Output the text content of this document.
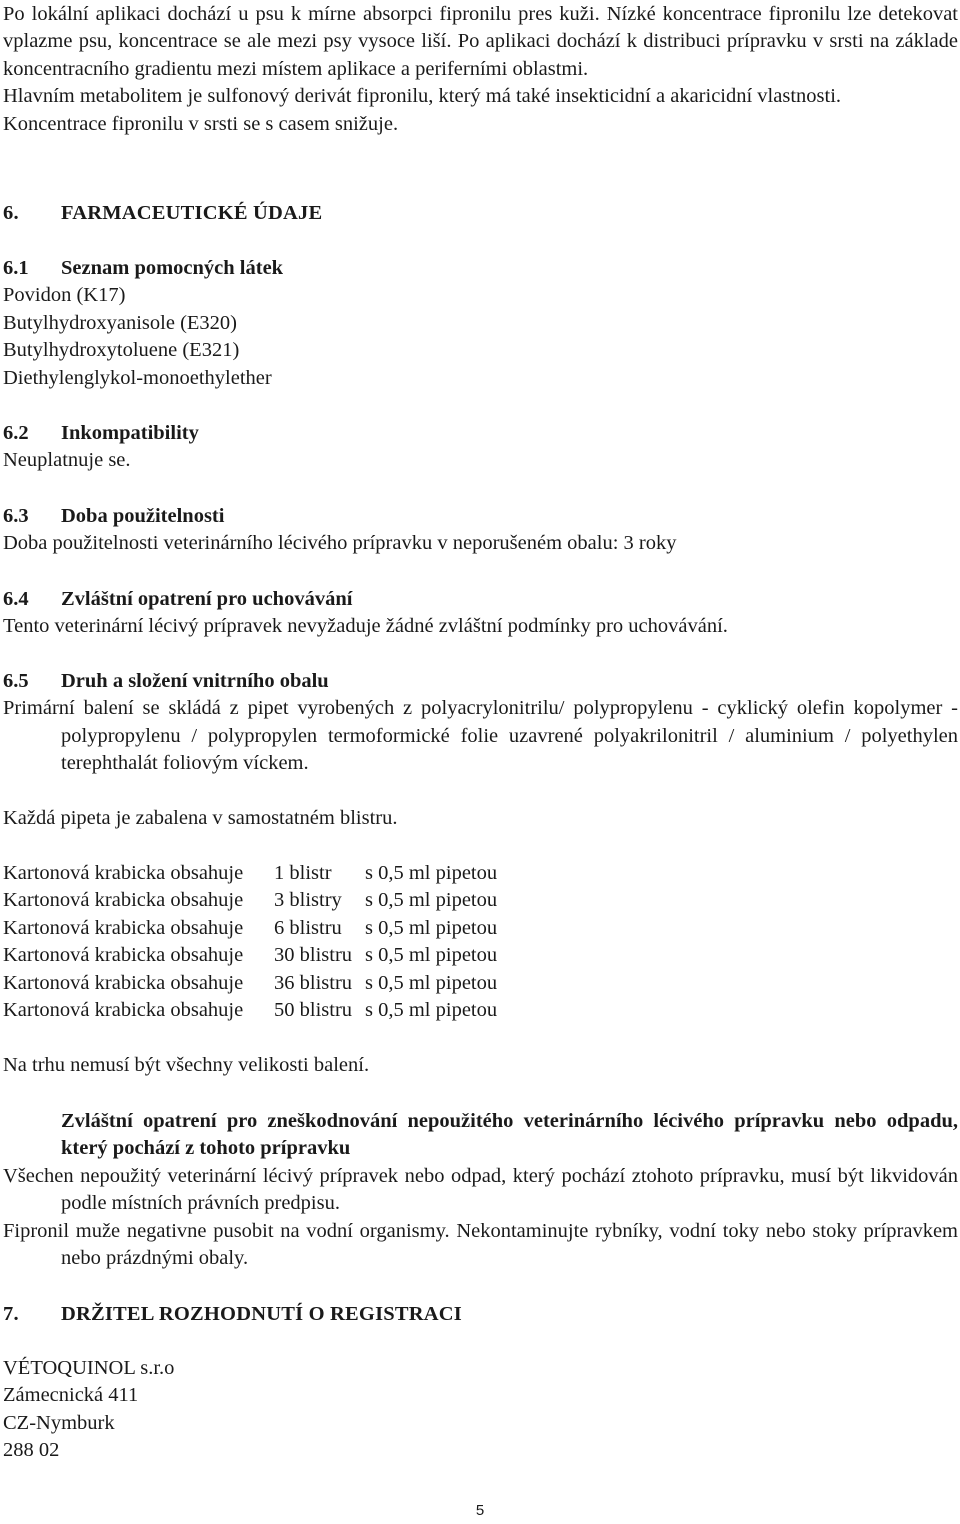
Po lokální aplikaci dochází u psu k mírne absorpci fipronilu pres kuži. Nízké koncentrace fipronilu lze detekovat vplazme psu, koncentrace se ale mezi psy vysoce liší. Po aplikaci dochází k distribuci prípravku v srsti na základe koncentracního gradientu mezi místem aplikace a periferními oblastmi.

Hlavním metabolitem je sulfonový derivát fipronilu, který má také insekticidní a akaricidní vlastnosti.

Koncentrace fipronilu v srsti se s casem snižuje.

6. FARMACEUTICKÉ ÚDAJE

6.1 Seznam pomocných látek

Povidon (K17)

Butylhydroxyanisole (E320)

Butylhydroxytoluene (E321)

Diethylenglykol-monoethylether

6.2 Inkompatibility

Neuplatnuje se.

6.3 Doba použitelnosti

Doba použitelnosti veterinárního lécivého prípravku v neporušeném obalu: 3 roky

6.4 Zvláštní opatrení pro uchovávání

Tento veterinární lécivý prípravek nevyžaduje žádné zvláštní podmínky pro uchovávání.

6.5 Druh a složení vnitrního obalu

Primární balení se skládá z pipet vyrobených z polyacrylonitrilu/ polypropylenu - cyklický olefin kopolymer - polypropylenu / polypropylen termoformické folie uzavrené polyakrilonitril / aluminium / polyethylen terephthalát foliovým víckem.

Každá pipeta je zabalena v samostatném blistru.

Kartonová krabicka obsahuje	1 blistr	s 0,5 ml pipetou
Kartonová krabicka obsahuje	3 blistry	s 0,5 ml pipetou
Kartonová krabicka obsahuje	6 blistru	s 0,5 ml pipetou
Kartonová krabicka obsahuje	30 blistru s 0,5 ml pipetou
Kartonová krabicka obsahuje	36 blistru s 0,5 ml pipetou
Kartonová krabicka obsahuje	50 blistru s 0,5 ml pipetou

Na trhu nemusí být všechny velikosti balení.

Zvláštní opatrení pro zneškodnování nepoužitého veterinárního lécivého prípravku nebo odpadu, který pochází z tohoto prípravku

Všechen nepoužitý veterinární lécivý prípravek nebo odpad, který pochází ztohoto prípravku, musí být likvidován podle místních právních predpisu.

Fipronil muže negativne pusobit na vodní organismy. Nekontaminujte rybníky, vodní toky nebo stoky prípravkem nebo prázdnými obaly.

7. DRŽITEL ROZHODNUTÍ O REGISTRACI

VÉTOQUINOL s.r.o

Zámecnická 411

CZ-Nymburk

288 02

5
